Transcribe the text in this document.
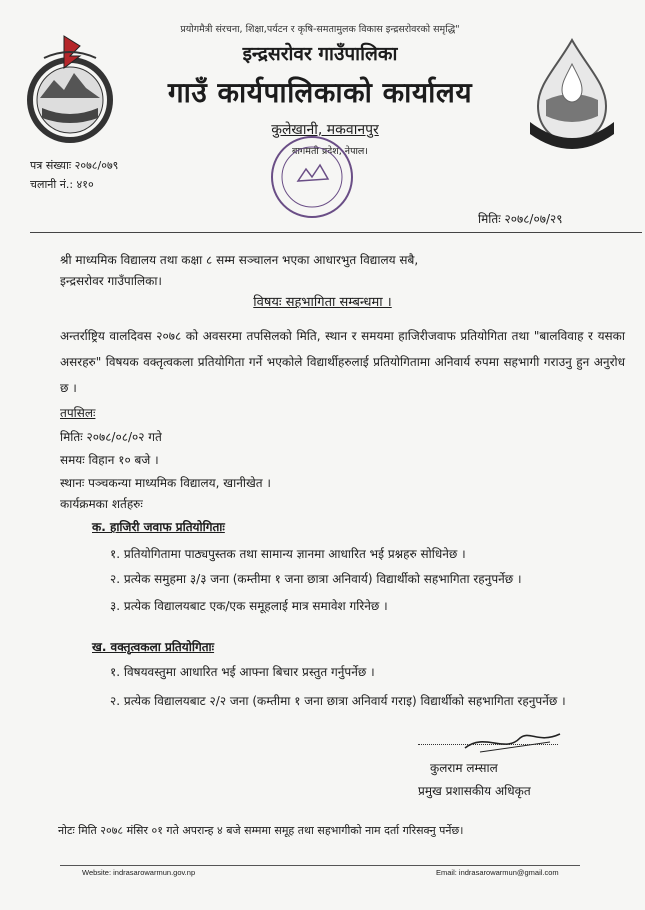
प्रयोगमैत्री संरचना, शिक्षा,पर्यटन र कृषि-समतामुलक विकास इन्द्रसरोवरको समृद्धि"
इन्द्रसरोवर गाउँपालिका
गाउँ कार्यपालिकाको कार्यालय
कुलेखानी, मकवानपुर
बागमती प्रदेश, नेपाल।
पत्र संख्याः २०७८/०७९
चलानी नं.: ४१०
मितिः २०७८/०७/२९
श्री माध्यमिक विद्यालय तथा कक्षा ८ सम्म सञ्चालन भएका आधारभुत विद्यालय सबै,
इन्द्रसरोवर गाउँपालिका।
विषयः सहभागिता सम्बन्धमा ।
अन्तर्राष्ट्रिय वालदिवस २०७८ को अवसरमा तपसिलको मिति, स्थान र समयमा हाजिरीजवाफ प्रतियोगिता तथा "बालविवाह र यसका असरहरु" विषयक वक्तृत्वकला प्रतियोगिता गर्ने भएकोले विद्यार्थीहरुलाई प्रतियोगितामा अनिवार्य रुपमा सहभागी गराउनु हुन अनुरोध छ ।
तपसिलः
मितिः २०७८/०८/०२ गते
समयः विहान १० बजे ।
स्थानः पञ्चकन्या माध्यमिक विद्यालय, खानीखेत ।
कार्यक्रमका शर्तहरुः
क. हाजिरी जवाफ प्रतियोगिताः
१. प्रतियोगितामा पाठ्यपुस्तक तथा सामान्य ज्ञानमा आधारित भई प्रश्नहरु सोधिनेछ ।
२. प्रत्येक समुहमा ३/३ जना (कम्तीमा १ जना छात्रा अनिवार्य) विद्यार्थीको सहभागिता रहनुपर्नेछ ।
३. प्रत्येक विद्यालयबाट एक/एक समूहलाई मात्र समावेश गरिनेछ ।
ख. वक्तृत्वकला प्रतियोगिताः
१. विषयवस्तुमा आधारित भई आफ्ना बिचार प्रस्तुत गर्नुपर्नेछ ।
२. प्रत्येक विद्यालयबाट २/२ जना (कम्तीमा १ जना छात्रा अनिवार्य गराइ) विद्यार्थीको सहभागिता रहनुपर्नेछ ।
कुलराम लम्साल
प्रमुख प्रशासकीय अधिकृत
नोटः मिति २०७८ मंसिर ०१ गते अपरान्ह ४ बजे सम्ममा समूह तथा सहभागीको नाम दर्ता गरिसक्नु पर्नेछ।
Website: indrasarowarmun.gov.np	Email: indrasarowarmun@gmail.com
